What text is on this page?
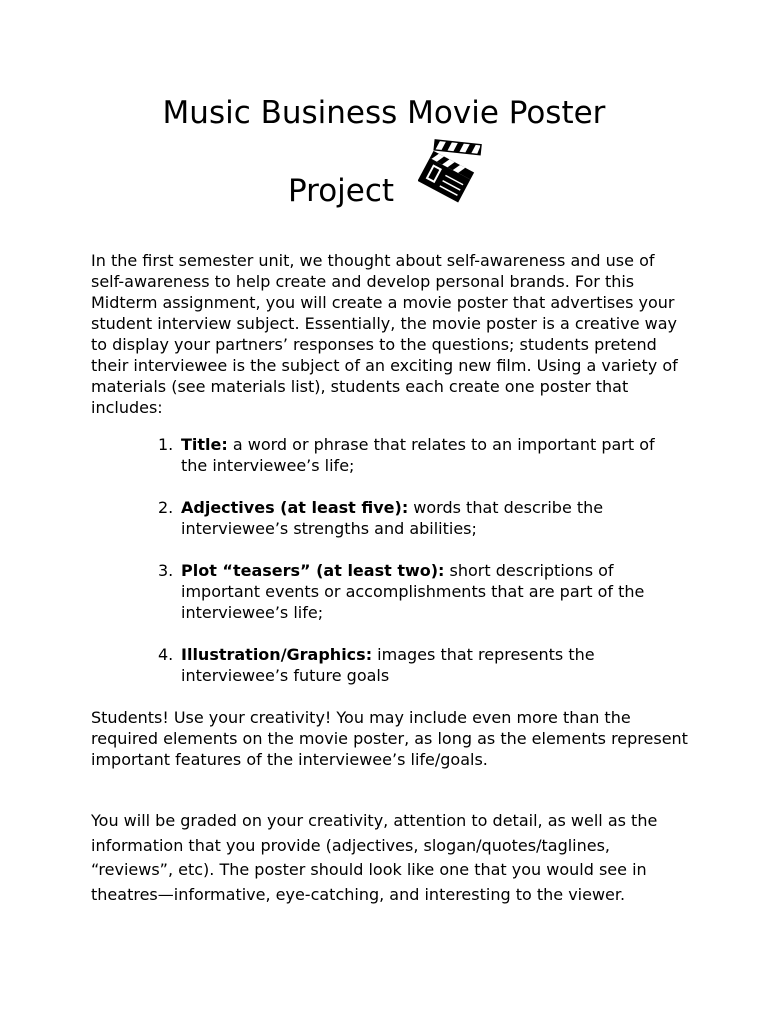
Music Business Movie Poster
Project
In the first semester unit, we thought about self-awareness and use of self-awareness to help create and develop personal brands. For this Midterm assignment, you will create a movie poster that advertises your student interview subject. Essentially, the movie poster is a creative way to display your partners’ responses to the questions; students pretend their interviewee is the subject of an exciting new film. Using a variety of materials (see materials list), students each create one poster that includes:
1. Title: a word or phrase that relates to an important part of the interviewee’s life;
2. Adjectives (at least five): words that describe the interviewee’s strengths and abilities;
3. Plot “teasers” (at least two): short descriptions of important events or accomplishments that are part of the interviewee’s life;
4. Illustration/Graphics: images that represents the interviewee’s future goals
Students! Use your creativity! You may include even more than the required elements on the movie poster, as long as the elements represent important features of the interviewee’s life/goals.
You will be graded on your creativity, attention to detail, as well as the information that you provide (adjectives, slogan/quotes/taglines, “reviews”, etc). The poster should look like one that you would see in theatres—informative, eye-catching, and interesting to the viewer.
